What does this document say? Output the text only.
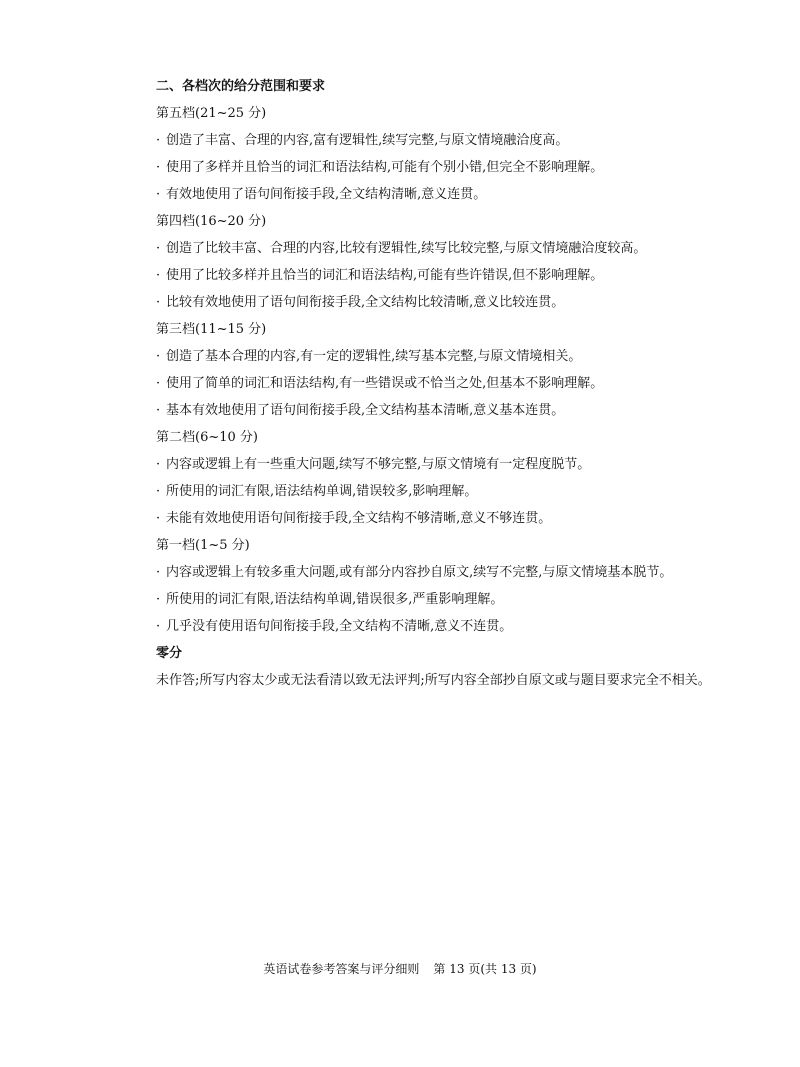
二、各档次的给分范围和要求
第五档(21~25 分)
· 创造了丰富、合理的内容,富有逻辑性,续写完整,与原文情境融洽度高。
· 使用了多样并且恰当的词汇和语法结构,可能有个别小错,但完全不影响理解。
· 有效地使用了语句间衔接手段,全文结构清晰,意义连贯。
第四档(16~20 分)
· 创造了比较丰富、合理的内容,比较有逻辑性,续写比较完整,与原文情境融洽度较高。
· 使用了比较多样并且恰当的词汇和语法结构,可能有些许错误,但不影响理解。
· 比较有效地使用了语句间衔接手段,全文结构比较清晰,意义比较连贯。
第三档(11~15 分)
· 创造了基本合理的内容,有一定的逻辑性,续写基本完整,与原文情境相关。
· 使用了简单的词汇和语法结构,有一些错误或不恰当之处,但基本不影响理解。
· 基本有效地使用了语句间衔接手段,全文结构基本清晰,意义基本连贯。
第二档(6~10 分)
· 内容或逻辑上有一些重大问题,续写不够完整,与原文情境有一定程度脱节。
· 所使用的词汇有限,语法结构单调,错误较多,影响理解。
· 未能有效地使用语句间衔接手段,全文结构不够清晰,意义不够连贯。
第一档(1~5 分)
· 内容或逻辑上有较多重大问题,或有部分内容抄自原文,续写不完整,与原文情境基本脱节。
· 所使用的词汇有限,语法结构单调,错误很多,严重影响理解。
· 几乎没有使用语句间衔接手段,全文结构不清晰,意义不连贯。
零分
未作答;所写内容太少或无法看清以致无法评判;所写内容全部抄自原文或与题目要求完全不相关。
英语试卷参考答案与评分细则 第 13 页(共 13 页)
